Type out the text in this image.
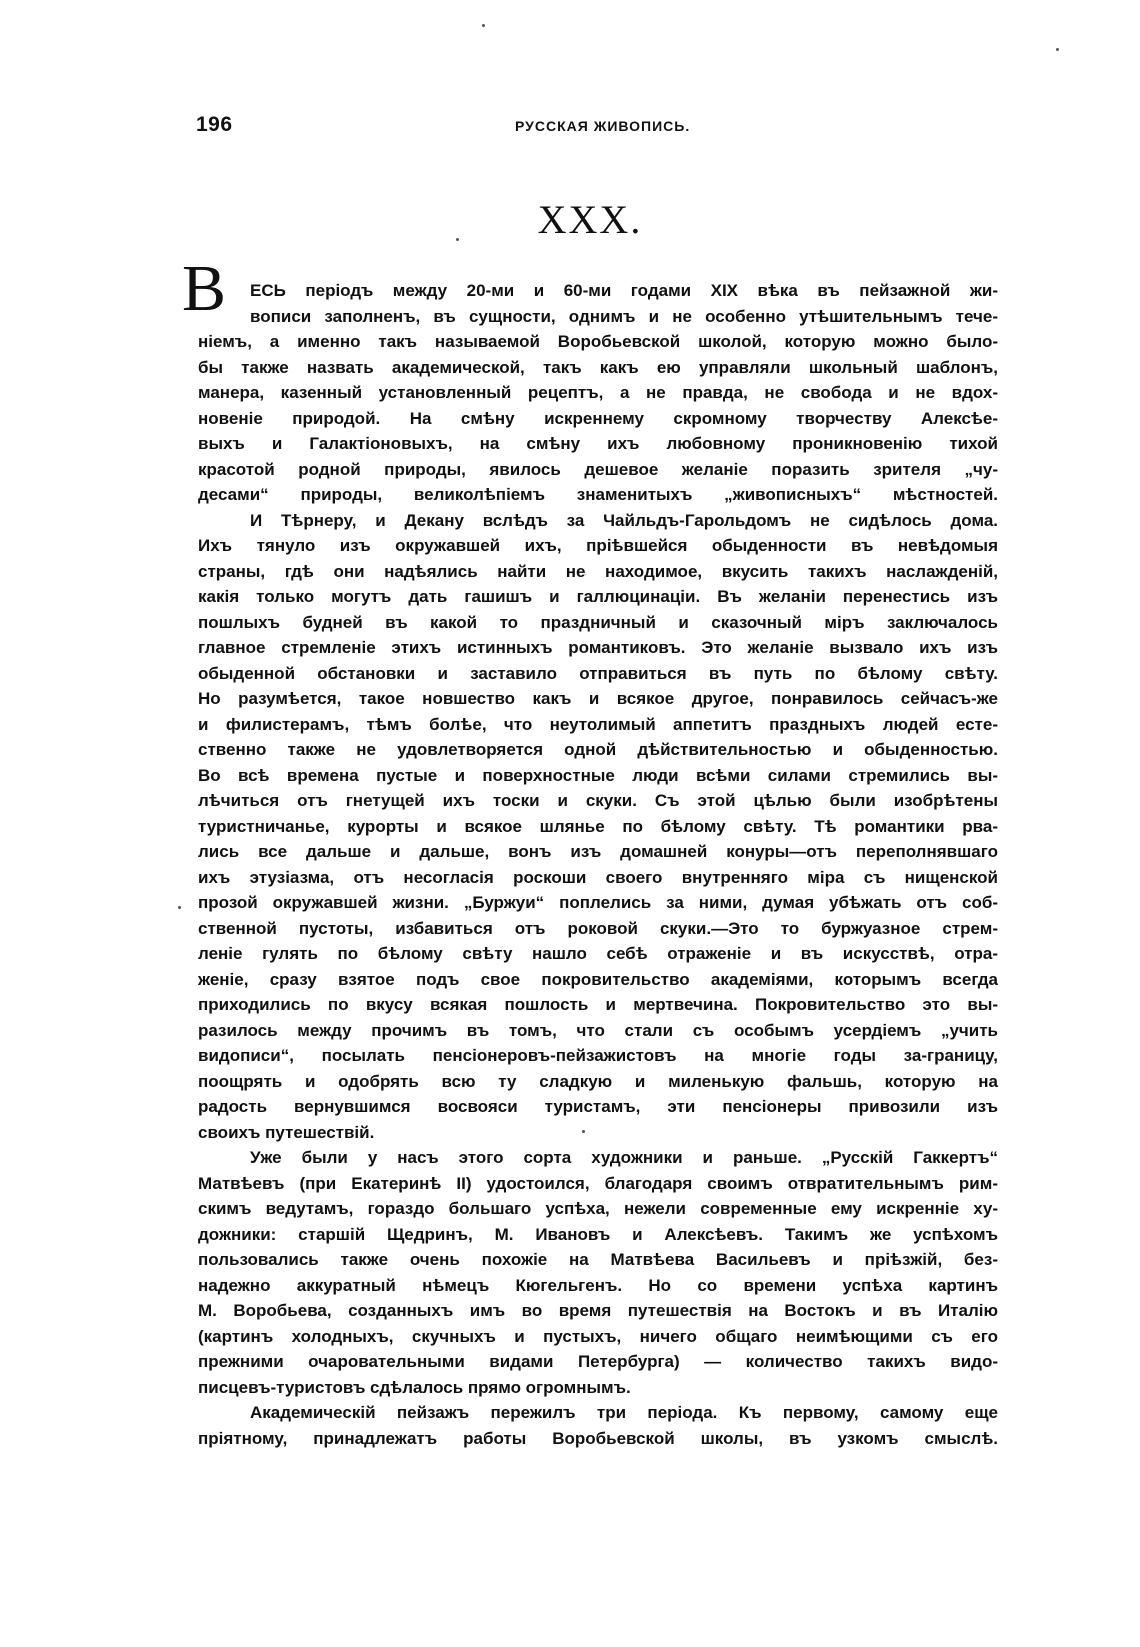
196	РУССКАЯ ЖИВОПИСЬ.
XXX.
В	ЕСЬ періодъ между 20-ми и 60-ми годами XIX вѣка въ пейзажной жи-

вописи заполненъ, въ сущности, однимъ и не особенно утѣшительнымъ тече-

ніемъ, а именно такъ называемой Воробьевской школой, которую можно было-

бы также назвать академической, такъ какъ ею управляли школьный шаблонъ,

манера, казенный установленный рецептъ, а не правда, не свобода и не вдох-

новеніе природой. На смѣну искреннему скромному творчеству Алексѣе-

выхъ и Галактіоновыхъ, на смѣну ихъ любовному проникновенію тихой

красотой родной природы, явилось дешевое желаніе поразить зрителя „чу-

десами“ природы, великолѣпіемъ знаменитыхъ „живописныхъ“ мѣстностей.

И Тѣрнеру, и Декану вслѣдъ за Чайльдъ-Гарольдомъ не сидѣлось дома.

Ихъ тянуло изъ окружавшей ихъ, пріѣвшейся обыденности въ невѣдомыя

страны, гдѣ они надѣялись найти не находимое, вкусить такихъ наслажденій,

какія только могутъ дать гашишъ и галлюцинаціи. Въ желаніи перенестись изъ

пошлыхъ будней въ какой то праздничный и сказочный міръ заключалось

главное стремленіе этихъ истинныхъ романтиковъ. Это желаніе вызвало ихъ изъ

обыденной обстановки и заставило отправиться въ путь по бѣлому свѣту.

Но разумѣется, такое новшество какъ и всякое другое, понравилось сейчасъ-же

и филистерамъ, тѣмъ болѣе, что неутолимый аппетитъ праздныхъ людей есте-

ственно также не удовлетворяется одной дѣйствительностью и обыденностью.

Во всѣ времена пустые и поверхностные люди всѣми силами стремились вы-

лѣчиться отъ гнетущей ихъ тоски и скуки. Съ этой цѣлью были изобрѣтены

туристничанье, курорты и всякое шлянье по бѣлому свѣту. Тѣ романтики рва-

лись все дальше и дальше, вонъ изъ домашней конуры—отъ переполнявшаго

ихъ этузіазма, отъ несогласія роскоши своего внутренняго міра съ нищенской

прозой окружавшей жизни. „Буржуи“ поплелись за ними, думая убѣжать отъ соб-

ственной пустоты, избавиться отъ роковой скуки.—Это то буржуазное стрем-

леніе гулять по бѣлому свѣту нашло себѣ отраженіе и въ искусствѣ, отра-

женіе, сразу взятое подъ свое покровительство академіями, которымъ всегда

приходились по вкусу всякая пошлость и мертвечина. Покровительство это вы-

разилось между прочимъ въ томъ, что стали съ особымъ усердіемъ „учить

видописи“, посылать пенсіонеровъ-пейзажистовъ на многіе годы за-границу,

поощрять и одобрять всю ту сладкую и миленькую фальшь, которую на

радость вернувшимся восвояси туристамъ, эти пенсіонеры привозили изъ

своихъ путешествій.

Уже были у насъ этого сорта художники и раньше. „Русскій Гаккертъ“

Матвѣевъ (при Екатеринѣ II) удостоился, благодаря своимъ отвратительнымъ рим-

скимъ ведутамъ, гораздо большаго успѣха, нежели современные ему искренніе ху-

дожники: старшій Щедринъ, М. Ивановъ и Алексѣевъ. Такимъ же успѣхомъ

пользовались также очень похожіе на Матвѣева Васильевъ и пріѣзжій, без-

надежно аккуратный нѣмецъ Кюгельгенъ. Но со времени успѣха картинъ

М. Воробьева, созданныхъ имъ во время путешествія на Востокъ и въ Италію

(картинъ холодныхъ, скучныхъ и пустыхъ, ничего общаго неимѣющими съ его

прежними очаровательными видами Петербурга) — количество такихъ видо-

писцевъ-туристовъ сдѣлалось прямо огромнымъ.

Академическій пейзажъ пережилъ три періода. Къ первому, самому еще

пріятному, принадлежатъ работы Воробьевской школы, въ узкомъ смыслѣ.
